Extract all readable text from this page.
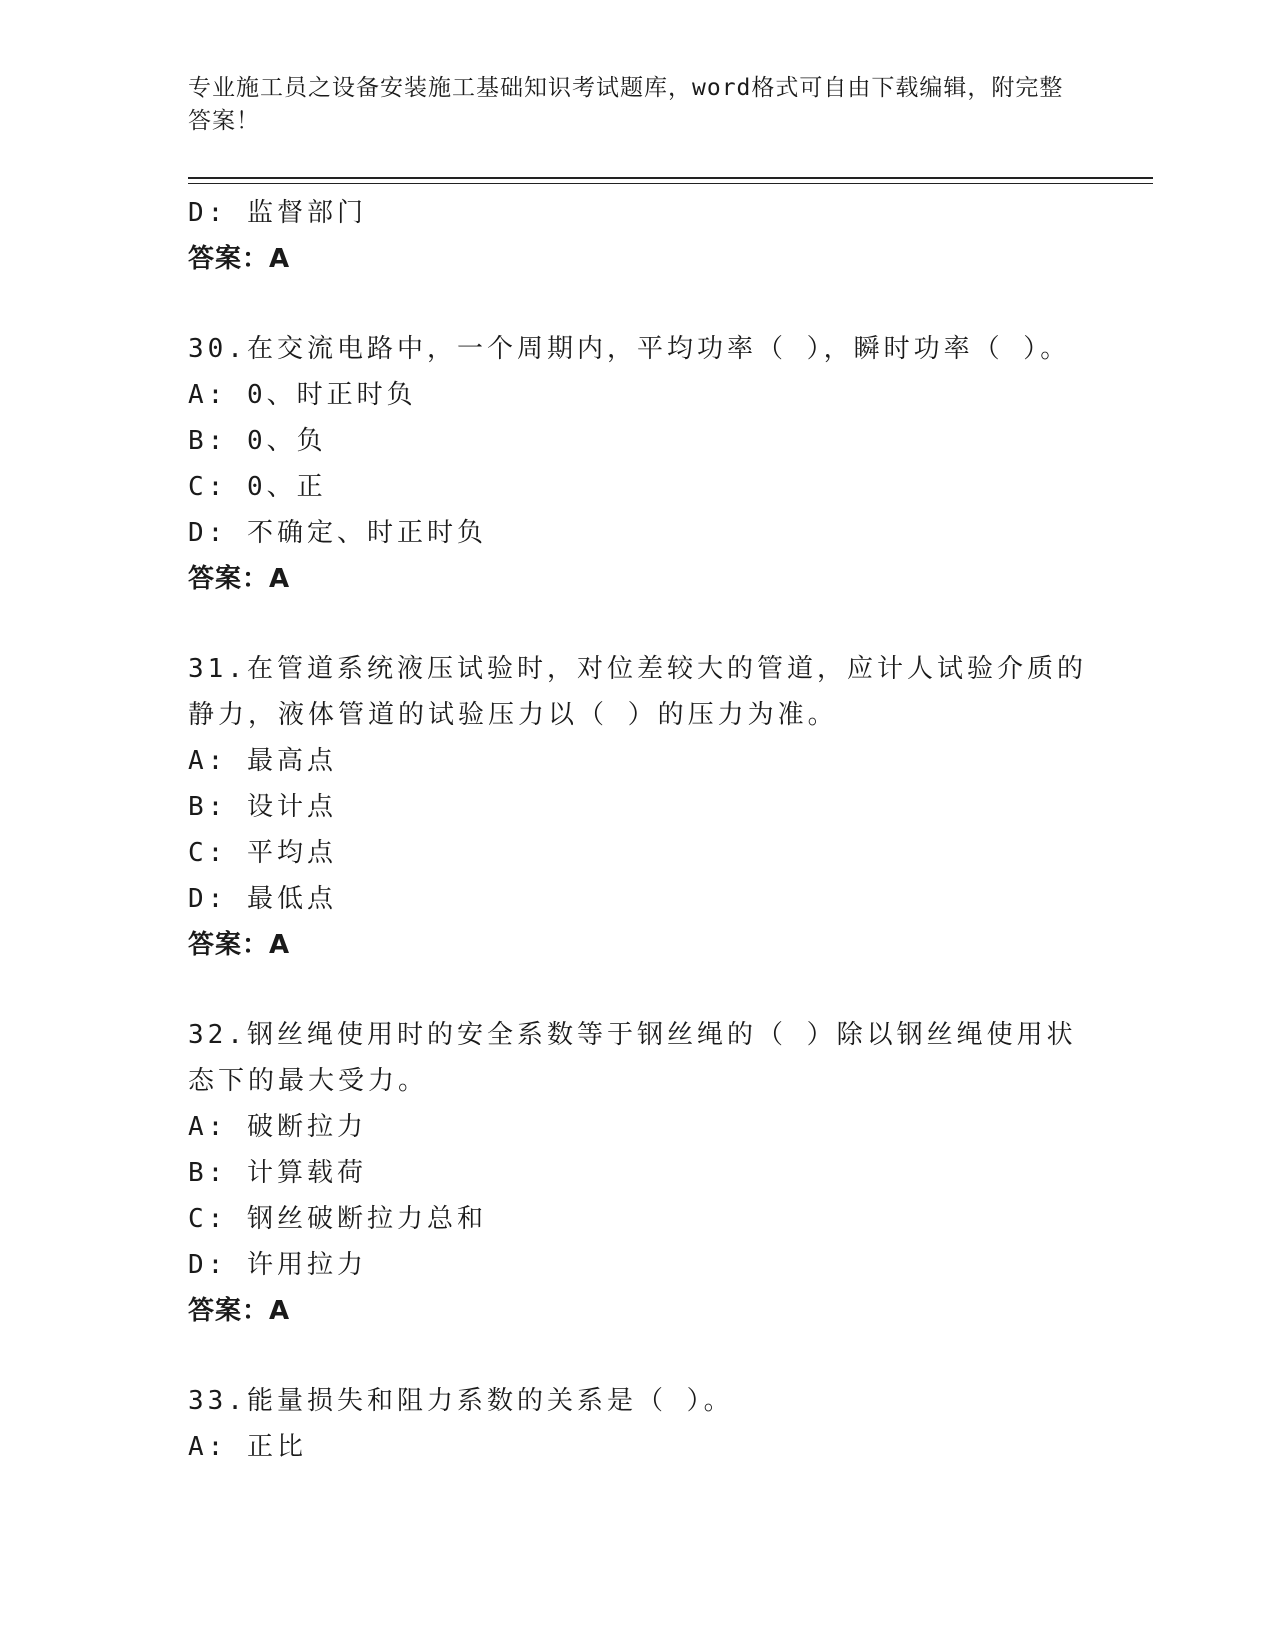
专业施工员之设备安装施工基础知识考试题库，word格式可自由下载编辑，附完整答案！
D: 监督部门
答案：A
30.在交流电路中，一个周期内，平均功率（ ），瞬时功率（ ）。
A: 0、时正时负
B: 0、负
C: 0、正
D: 不确定、时正时负
答案：A
31.在管道系统液压试验时，对位差较大的管道，应计人试验介质的静力，液体管道的试验压力以（ ）的压力为准。
A: 最高点
B: 设计点
C: 平均点
D: 最低点
答案：A
32.钢丝绳使用时的安全系数等于钢丝绳的（ ）除以钢丝绳使用状态下的最大受力。
A: 破断拉力
B: 计算载荷
C: 钢丝破断拉力总和
D: 许用拉力
答案：A
33.能量损失和阻力系数的关系是（ ）。
A: 正比
